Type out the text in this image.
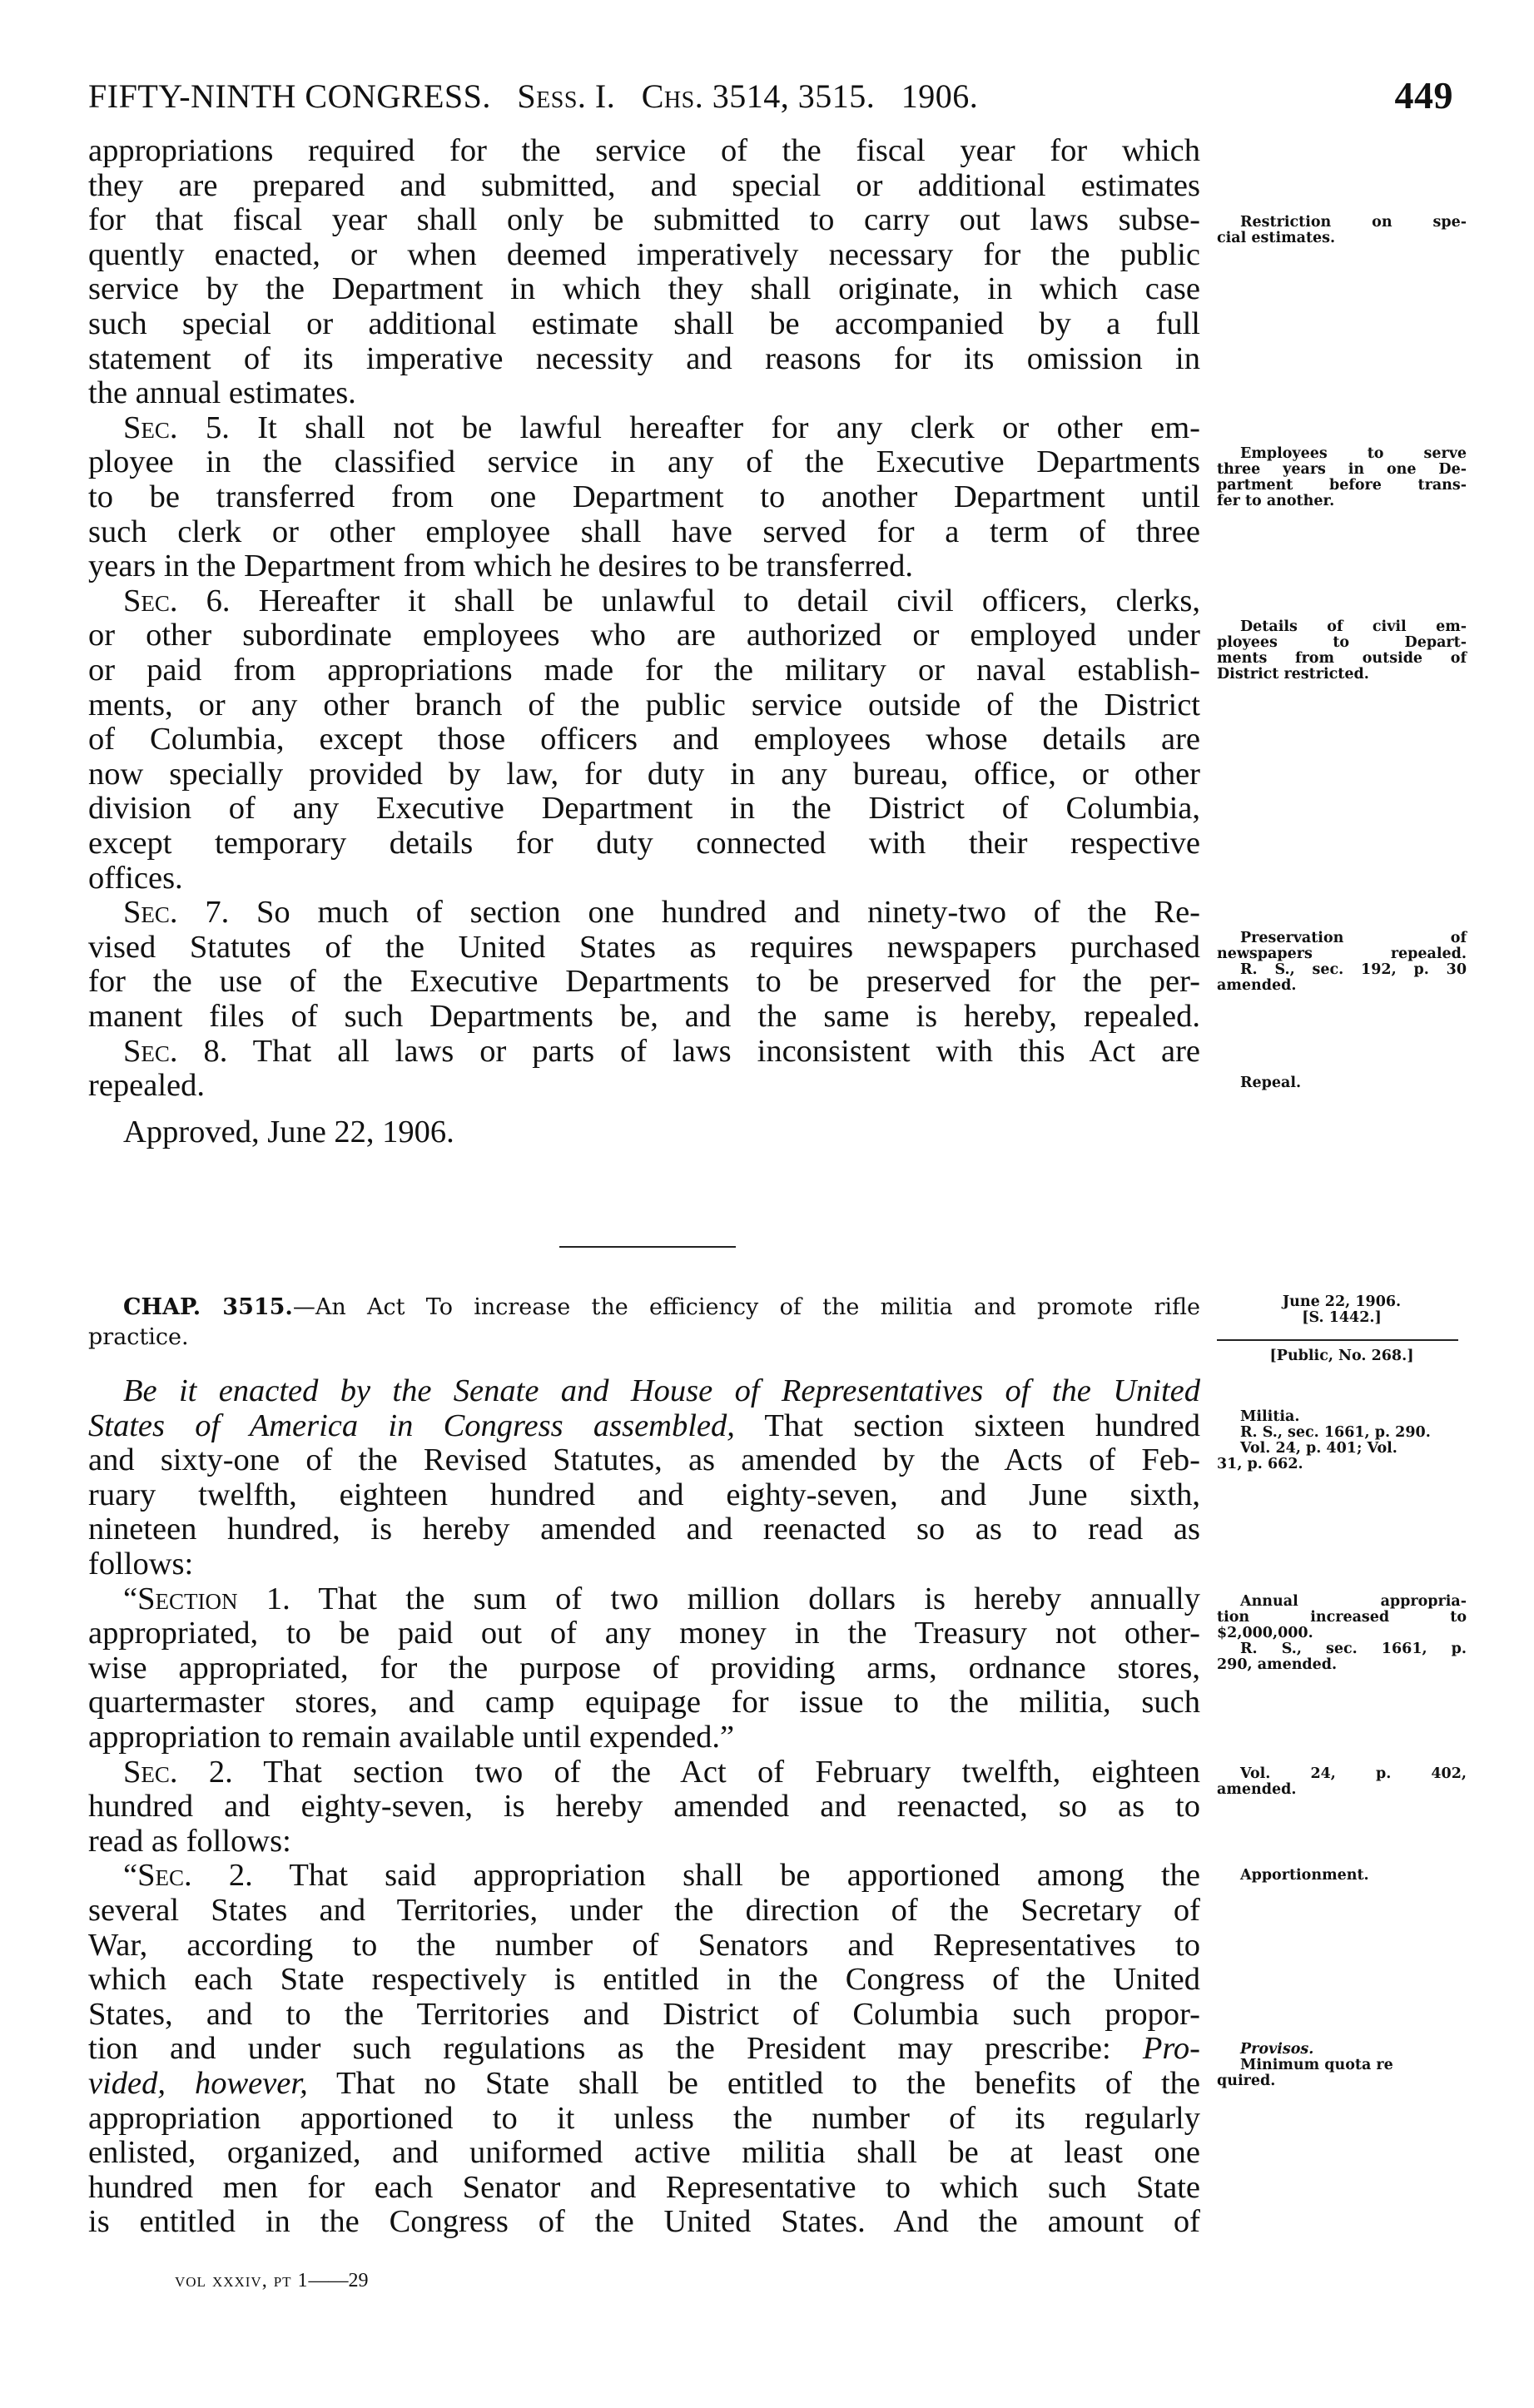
FIFTY-NINTH CONGRESS. Sess. I. Chs. 3514, 3515. 1906.	449
appropriations required for the service of the fiscal year for which
they are prepared and submitted, and special or additional estimates
for that fiscal year shall only be submitted to carry out laws subse-
quently enacted, or when deemed imperatively necessary for the public
service by the Department in which they shall originate, in which case
such special or additional estimate shall be accompanied by a full
statement of its imperative necessity and reasons for its omission in
the annual estimates.
Sec. 5. It shall not be lawful hereafter for any clerk or other em-
ployee in the classified service in any of the Executive Departments
to be transferred from one Department to another Department until
such clerk or other employee shall have served for a term of three
years in the Department from which he desires to be transferred.
Sec. 6. Hereafter it shall be unlawful to detail civil officers, clerks,
or other subordinate employees who are authorized or employed under
or paid from appropriations made for the military or naval establish-
ments, or any other branch of the public service outside of the District
of Columbia, except those officers and employees whose details are
now specially provided by law, for duty in any bureau, office, or other
division of any Executive Department in the District of Columbia,
except temporary details for duty connected with their respective
offices.
Sec. 7. So much of section one hundred and ninety-two of the Re-
vised Statutes of the United States as requires newspapers purchased
for the use of the Executive Departments to be preserved for the per-
manent files of such Departments be, and the same is hereby, repealed.
Sec. 8. That all laws or parts of laws inconsistent with this Act are
repealed.
Approved, June 22, 1906.
CHAP. 3515.—An Act To increase the efficiency of the militia and promote rifle
practice.
Be it enacted by the Senate and House of Representatives of the United
States of America in Congress assembled, That section sixteen hundred
and sixty-one of the Revised Statutes, as amended by the Acts of Feb-
ruary twelfth, eighteen hundred and eighty-seven, and June sixth,
nineteen hundred, is hereby amended and reenacted so as to read as
follows:
“Section 1. That the sum of two million dollars is hereby annually
appropriated, to be paid out of any money in the Treasury not other-
wise appropriated, for the purpose of providing arms, ordnance stores,
quartermaster stores, and camp equipage for issue to the militia, such
appropriation to remain available until expended.”
Sec. 2. That section two of the Act of February twelfth, eighteen
hundred and eighty-seven, is hereby amended and reenacted, so as to
read as follows:
“Sec. 2. That said appropriation shall be apportioned among the
several States and Territories, under the direction of the Secretary of
War, according to the number of Senators and Representatives to
which each State respectively is entitled in the Congress of the United
States, and to the Territories and District of Columbia such propor-
tion and under such regulations as the President may prescribe: Pro-
vided, however, That no State shall be entitled to the benefits of the
appropriation apportioned to it unless the number of its regularly
enlisted, organized, and uniformed active militia shall be at least one
hundred men for each Senator and Representative to which such State
is entitled in the Congress of the United States. And the amount of
Restriction on spe-
cial estimates.
Employees to serve
three years in one De-
partment before trans-
fer to another.
Details of civil em-
ployees to Depart-
ments from outside of
District restricted.
Preservation of
newspapers repealed.
R. S., sec. 192, p. 30
amended.
Repeal.
June 22, 1906.
[S. 1442.]
[Public, No. 268.]
Militia.
R. S., sec. 1661, p. 290.
Vol. 24, p. 401; Vol.
31, p. 662.
Annual appropria-
tion increased to
$2,000,000.
R. S., sec. 1661, p.
290, amended.
Vol. 24, p. 402,
amended.
Apportionment.
Provisos.
Minimum quota re
quired.
vol xxxiv, pt 1——29
